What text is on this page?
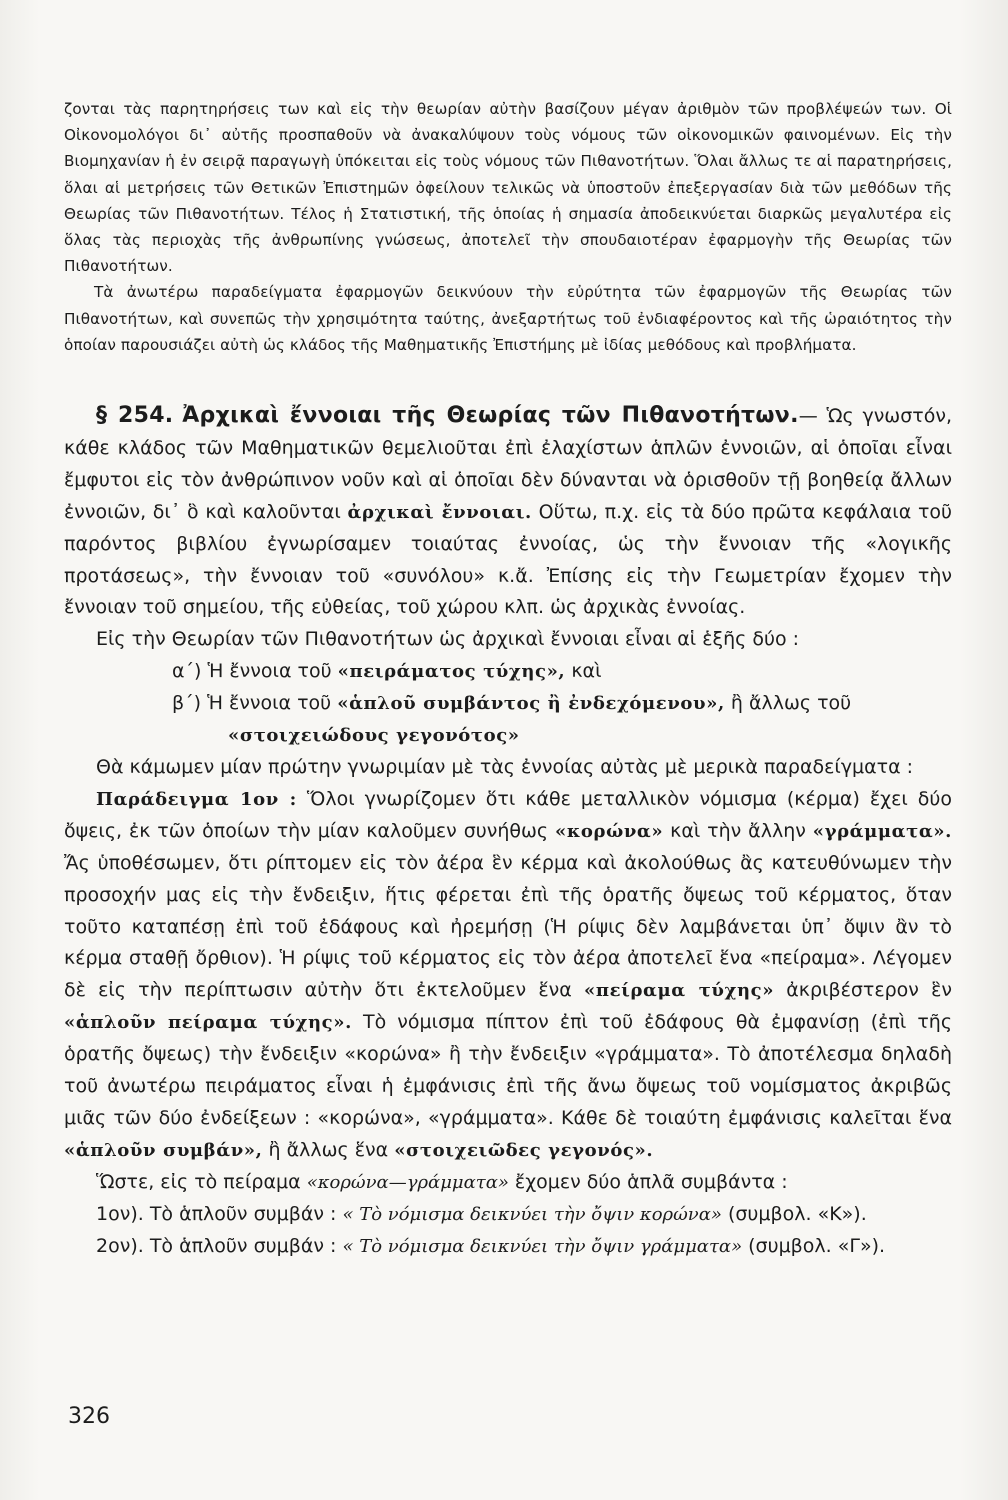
ζονται τὰς παρητηρήσεις των καὶ εἰς τὴν θεωρίαν αὐτὴν βασίζουν μέγαν ἀριθμὸν τῶν προβλέψεών των. Οἱ Οἰκονομολόγοι δι᾽ αὐτῆς προσπαθοῦν νὰ ἀνακαλύψουν τοὺς νόμους τῶν οἰκονομικῶν φαινομένων. Εἰς τὴν Βιομηχανίαν ἡ ἐν σειρᾷ παραγωγὴ ὑπόκειται εἰς τοὺς νόμους τῶν Πιθανοτήτων. Ὅλαι ἄλλως τε αἱ παρατηρήσεις, ὅλαι αἱ μετρήσεις τῶν Θετικῶν Ἐπιστημῶν ὀφείλουν τελικῶς νὰ ὑποστοῦν ἐπεξεργασίαν διὰ τῶν μεθόδων τῆς Θεωρίας τῶν Πιθανοτήτων. Τέλος ἡ Στατιστική, τῆς ὁποίας ἡ σημασία ἀποδεικνύεται διαρκῶς μεγαλυτέρα εἰς ὅλας τὰς περιοχὰς τῆς ἀνθρωπίνης γνώσεως, ἀποτελεῖ τὴν σπουδαιοτέραν ἐφαρμογὴν τῆς Θεωρίας τῶν Πιθανοτήτων.

Τὰ ἀνωτέρω παραδείγματα ἐφαρμογῶν δεικνύουν τὴν εὐρύτητα τῶν ἐφαρμογῶν τῆς Θεωρίας τῶν Πιθανοτήτων, καὶ συνεπῶς τὴν χρησιμότητα ταύτης, ἀνεξαρτήτως τοῦ ἐνδιαφέροντος καὶ τῆς ὡραιότητος τὴν ὁποίαν παρουσιάζει αὐτὴ ὡς κλάδος τῆς Μαθηματικῆς Ἐπιστήμης μὲ ἰδίας μεθόδους καὶ προβλήματα.

§ 254. Ἀρχικαὶ ἔννοιαι τῆς Θεωρίας τῶν Πιθανοτήτων.— Ὡς γνωστόν, κάθε κλάδος τῶν Μαθηματικῶν θεμελιοῦται ἐπὶ ἐλαχίστων ἁπλῶν ἐννοιῶν, αἱ ὁποῖαι εἶναι ἔμφυτοι εἰς τὸν ἀνθρώπινον νοῦν καὶ αἱ ὁποῖαι δὲν δύνανται νὰ ὁρισθοῦν τῇ βοηθείᾳ ἄλλων ἐννοιῶν, δι᾽ ὃ καὶ καλοῦνται ἀρχικαὶ ἔννοιαι. Οὕτω, π.χ. εἰς τὰ δύο πρῶτα κεφάλαια τοῦ παρόντος βιβλίου ἐγνωρίσαμεν τοιαύτας ἐννοίας, ὡς τὴν ἔννοιαν τῆς «λογικῆς προτάσεως», τὴν ἔννοιαν τοῦ «συνόλου» κ.ἄ. Ἐπίσης εἰς τὴν Γεωμετρίαν ἔχομεν τὴν ἔννοιαν τοῦ σημείου, τῆς εὐθείας, τοῦ χώρου κλπ. ὡς ἀρχικὰς ἐννοίας.

Εἰς τὴν Θεωρίαν τῶν Πιθανοτήτων ὡς ἀρχικαὶ ἔννοιαι εἶναι αἱ ἑξῆς δύο :

α΄) Ἡ ἔννοια τοῦ «πειράματος τύχης», καὶ

β΄) Ἡ ἔννοια τοῦ «ἁπλοῦ συμβάντος ἢ ἐνδεχόμενου», ἢ ἄλλως τοῦ

«στοιχειώδους γεγονότος»

Θὰ κάμωμεν μίαν πρώτην γνωριμίαν μὲ τὰς ἐννοίας αὐτὰς μὲ μερικὰ παραδείγματα :

Παράδειγμα 1ον : Ὅλοι γνωρίζομεν ὅτι κάθε μεταλλικὸν νόμισμα (κέρμα) ἔχει δύο ὄψεις, ἐκ τῶν ὁποίων τὴν μίαν καλοῦμεν συνήθως «κορώνα» καὶ τὴν ἄλλην «γράμματα». Ἄς ὑποθέσωμεν, ὅτι ρίπτομεν εἰς τὸν ἀέρα ἓν κέρμα καὶ ἀκολούθως ἂς κατευθύνωμεν τὴν προσοχήν μας εἰς τὴν ἔνδειξιν, ἥτις φέρεται ἐπὶ τῆς ὁρατῆς ὄψεως τοῦ κέρματος, ὅταν τοῦτο καταπέσῃ ἐπὶ τοῦ ἐδάφους καὶ ἠρεμήσῃ (Ἡ ρίψις δὲν λαμβάνεται ὑπ᾽ ὄψιν ἂν τὸ κέρμα σταθῇ ὄρθιον). Ἡ ρίψις τοῦ κέρματος εἰς τὸν ἀέρα ἀποτελεῖ ἕνα «πείραμα». Λέγομεν δὲ εἰς τὴν περίπτωσιν αὐτὴν ὅτι ἐκτελοῦμεν ἕνα «πείραμα τύχης» ἀκριβέστερον ἓν «ἁπλοῦν πείραμα τύχης». Τὸ νόμισμα πίπτον ἐπὶ τοῦ ἐδάφους θὰ ἐμφανίσῃ (ἐπὶ τῆς ὁρατῆς ὄψεως) τὴν ἔνδειξιν «κορώνα» ἢ τὴν ἔνδειξιν «γράμματα». Τὸ ἀποτέλεσμα δηλαδὴ τοῦ ἀνωτέρω πειράματος εἶναι ἡ ἐμφάνισις ἐπὶ τῆς ἄνω ὄψεως τοῦ νομίσματος ἀκριβῶς μιᾶς τῶν δύο ἐνδείξεων : «κορώνα», «γράμματα». Κάθε δὲ τοιαύτη ἐμφάνισις καλεῖται ἕνα «ἁπλοῦν συμβάν», ἢ ἄλλως ἕνα «στοιχειῶδες γεγονός».

Ὥστε, εἰς τὸ πείραμα «κορώνα—γράμματα» ἔχομεν δύο ἁπλᾶ συμβάντα :

1ον). Τὸ ἁπλοῦν συμβάν : « Τὸ νόμισμα δεικνύει τὴν ὄψιν κορώνα» (συμβολ. «Κ»).

2ον). Τὸ ἁπλοῦν συμβάν : « Τὸ νόμισμα δεικνύει τὴν ὄψιν γράμματα» (συμβολ. «Γ»).

326
